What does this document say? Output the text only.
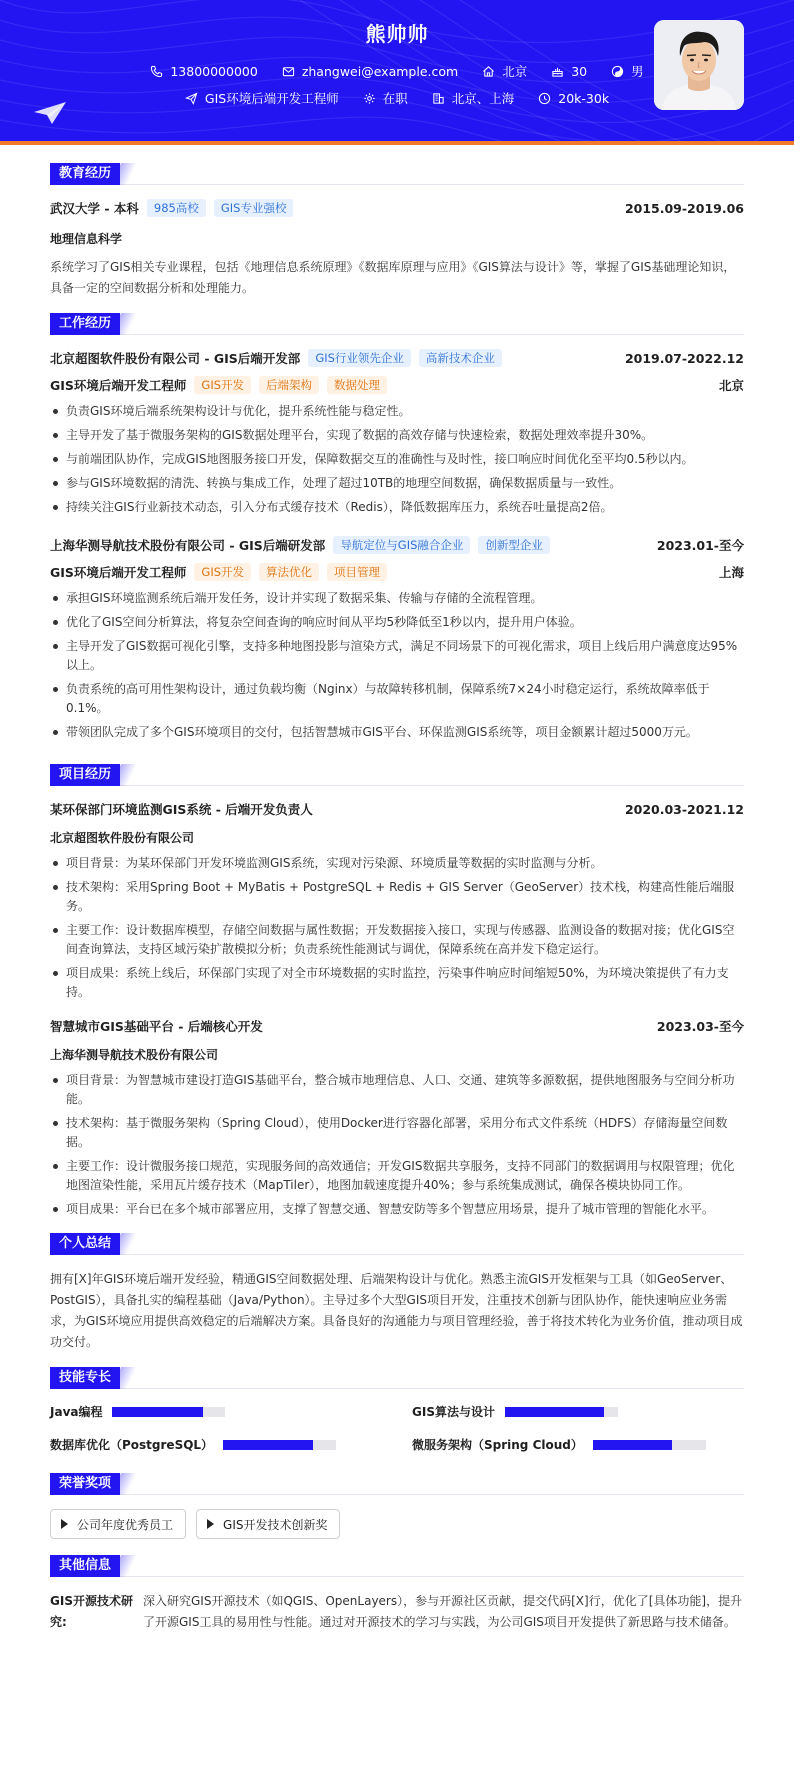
熊帅帅
13800000000	zhangwei@example.com	北京	30	男
GIS环境后端开发工程师	在职	北京、上海	20k-30k
教育经历
武汉大学 - 本科	985高校	GIS专业强校	2015.09-2019.06
地理信息科学
系统学习了GIS相关专业课程，包括《地理信息系统原理》《数据库原理与应用》《GIS算法与设计》等，掌握了GIS基础理论知识，具备一定的空间数据分析和处理能力。
工作经历
北京超图软件股份有限公司 - GIS后端开发部	GIS行业领先企业	高新技术企业	2019.07-2022.12
GIS环境后端开发工程师	GIS开发	后端架构	数据处理	北京
负责GIS环境后端系统架构设计与优化，提升系统性能与稳定性。
主导开发了基于微服务架构的GIS数据处理平台，实现了数据的高效存储与快速检索，数据处理效率提升30%。
与前端团队协作，完成GIS地图服务接口开发，保障数据交互的准确性与及时性，接口响应时间优化至平均0.5秒以内。
参与GIS环境数据的清洗、转换与集成工作，处理了超过10TB的地理空间数据，确保数据质量与一致性。
持续关注GIS行业新技术动态，引入分布式缓存技术（Redis），降低数据库压力，系统吞吐量提高2倍。
上海华测导航技术股份有限公司 - GIS后端研发部	导航定位与GIS融合企业	创新型企业	2023.01-至今
GIS环境后端开发工程师	GIS开发	算法优化	项目管理	上海
承担GIS环境监测系统后端开发任务，设计并实现了数据采集、传输与存储的全流程管理。
优化了GIS空间分析算法，将复杂空间查询的响应时间从平均5秒降低至1秒以内，提升用户体验。
主导开发了GIS数据可视化引擎，支持多种地图投影与渲染方式，满足不同场景下的可视化需求，项目上线后用户满意度达95%以上。
负责系统的高可用性架构设计，通过负载均衡（Nginx）与故障转移机制，保障系统7×24小时稳定运行，系统故障率低于0.1%。
带领团队完成了多个GIS环境项目的交付，包括智慧城市GIS平台、环保监测GIS系统等，项目金额累计超过5000万元。
项目经历
某环保部门环境监测GIS系统 - 后端开发负责人	2020.03-2021.12
北京超图软件股份有限公司
项目背景：为某环保部门开发环境监测GIS系统，实现对污染源、环境质量等数据的实时监测与分析。
技术架构：采用Spring Boot + MyBatis + PostgreSQL + Redis + GIS Server（GeoServer）技术栈，构建高性能后端服务。
主要工作：设计数据库模型，存储空间数据与属性数据；开发数据接入接口，实现与传感器、监测设备的数据对接；优化GIS空间查询算法，支持区域污染扩散模拟分析；负责系统性能测试与调优，保障系统在高并发下稳定运行。
项目成果：系统上线后，环保部门实现了对全市环境数据的实时监控，污染事件响应时间缩短50%，为环境决策提供了有力支持。
智慧城市GIS基础平台 - 后端核心开发	2023.03-至今
上海华测导航技术股份有限公司
项目背景：为智慧城市建设打造GIS基础平台，整合城市地理信息、人口、交通、建筑等多源数据，提供地图服务与空间分析功能。
技术架构：基于微服务架构（Spring Cloud），使用Docker进行容器化部署，采用分布式文件系统（HDFS）存储海量空间数据。
主要工作：设计微服务接口规范，实现服务间的高效通信；开发GIS数据共享服务，支持不同部门的数据调用与权限管理；优化地图渲染性能，采用瓦片缓存技术（MapTiler），地图加载速度提升40%；参与系统集成测试，确保各模块协同工作。
项目成果：平台已在多个城市部署应用，支撑了智慧交通、智慧安防等多个智慧应用场景，提升了城市管理的智能化水平。
个人总结
拥有[X]年GIS环境后端开发经验，精通GIS空间数据处理、后端架构设计与优化。熟悉主流GIS开发框架与工具（如GeoServer、PostGIS），具备扎实的编程基础（Java/Python）。主导过多个大型GIS项目开发，注重技术创新与团队协作，能快速响应业务需求，为GIS环境应用提供高效稳定的后端解决方案。具备良好的沟通能力与项目管理经验，善于将技术转化为业务价值，推动项目成功交付。
技能专长
Java编程	GIS算法与设计
数据库优化（PostgreSQL）	微服务架构（Spring Cloud）
荣誉奖项
公司年度优秀员工	GIS开发技术创新奖
其他信息
GIS开源技术研究:
深入研究GIS开源技术（如QGIS、OpenLayers），参与开源社区贡献，提交代码[X]行，优化了[具体功能]，提升了开源GIS工具的易用性与性能。通过对开源技术的学习与实践，为公司GIS项目开发提供了新思路与技术储备。
